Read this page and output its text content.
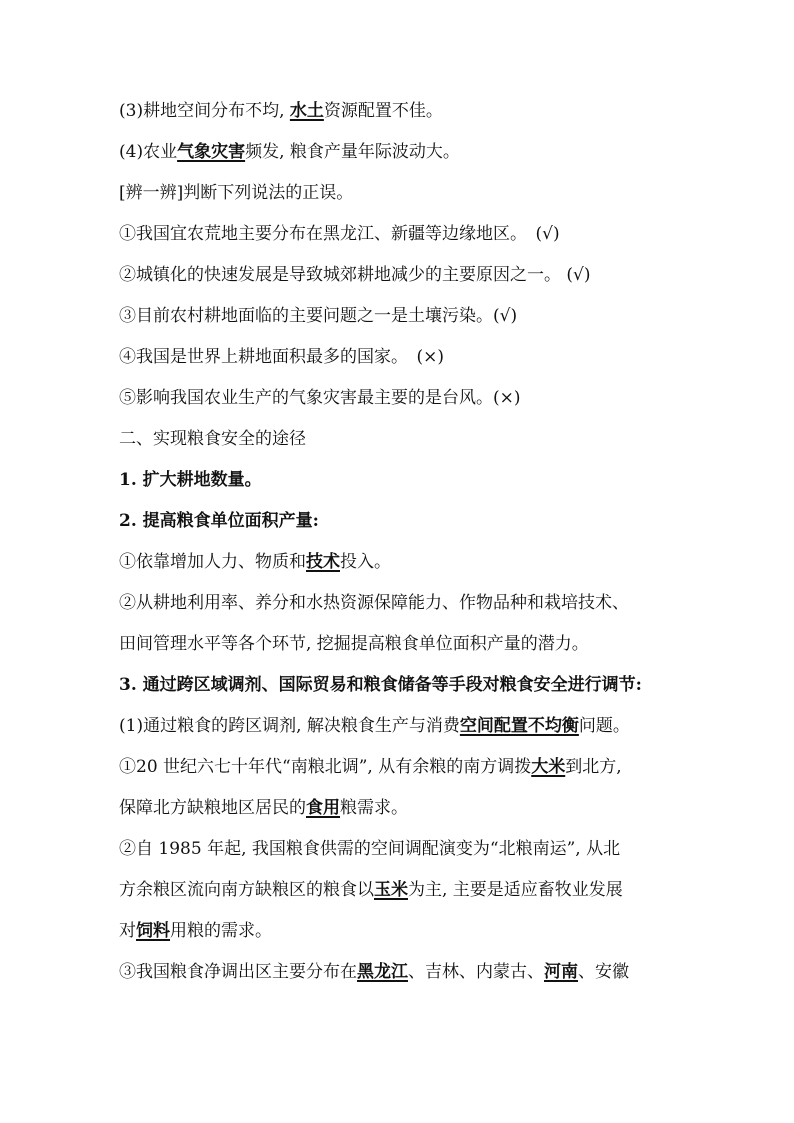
(3)耕地空间分布不均, 水土资源配置不佳。
(4)农业气象灾害频发, 粮食产量年际波动大。
[辨一辨]判断下列说法的正误。
①我国宜农荒地主要分布在黑龙江、新疆等边缘地区。　(√)
②城镇化的快速发展是导致城郊耕地减少的主要原因之一。 (√)
③目前农村耕地面临的主要问题之一是土壤污染。(√)
④我国是世界上耕地面积最多的国家。　(×)
⑤影响我国农业生产的气象灾害最主要的是台风。(×)
二、实现粮食安全的途径
1. 扩大耕地数量。
2. 提高粮食单位面积产量:
①依靠增加人力、物质和技术投入。
②从耕地利用率、养分和水热资源保障能力、作物品种和栽培技术、
田间管理水平等各个环节, 挖掘提高粮食单位面积产量的潜力。
3. 通过跨区域调剂、国际贸易和粮食储备等手段对粮食安全进行调节:
(1)通过粮食的跨区调剂, 解决粮食生产与消费空间配置不均衡问题。
①20 世纪六七十年代“南粮北调”, 从有余粮的南方调拨大米到北方,
保障北方缺粮地区居民的食用粮需求。
②自 1985 年起, 我国粮食供需的空间调配演变为“北粮南运”, 从北
方余粮区流向南方缺粮区的粮食以玉米为主, 主要是适应畜牧业发展
对饲料用粮的需求。
③我国粮食净调出区主要分布在黑龙江、吉林、内蒙古、河南、安徽
